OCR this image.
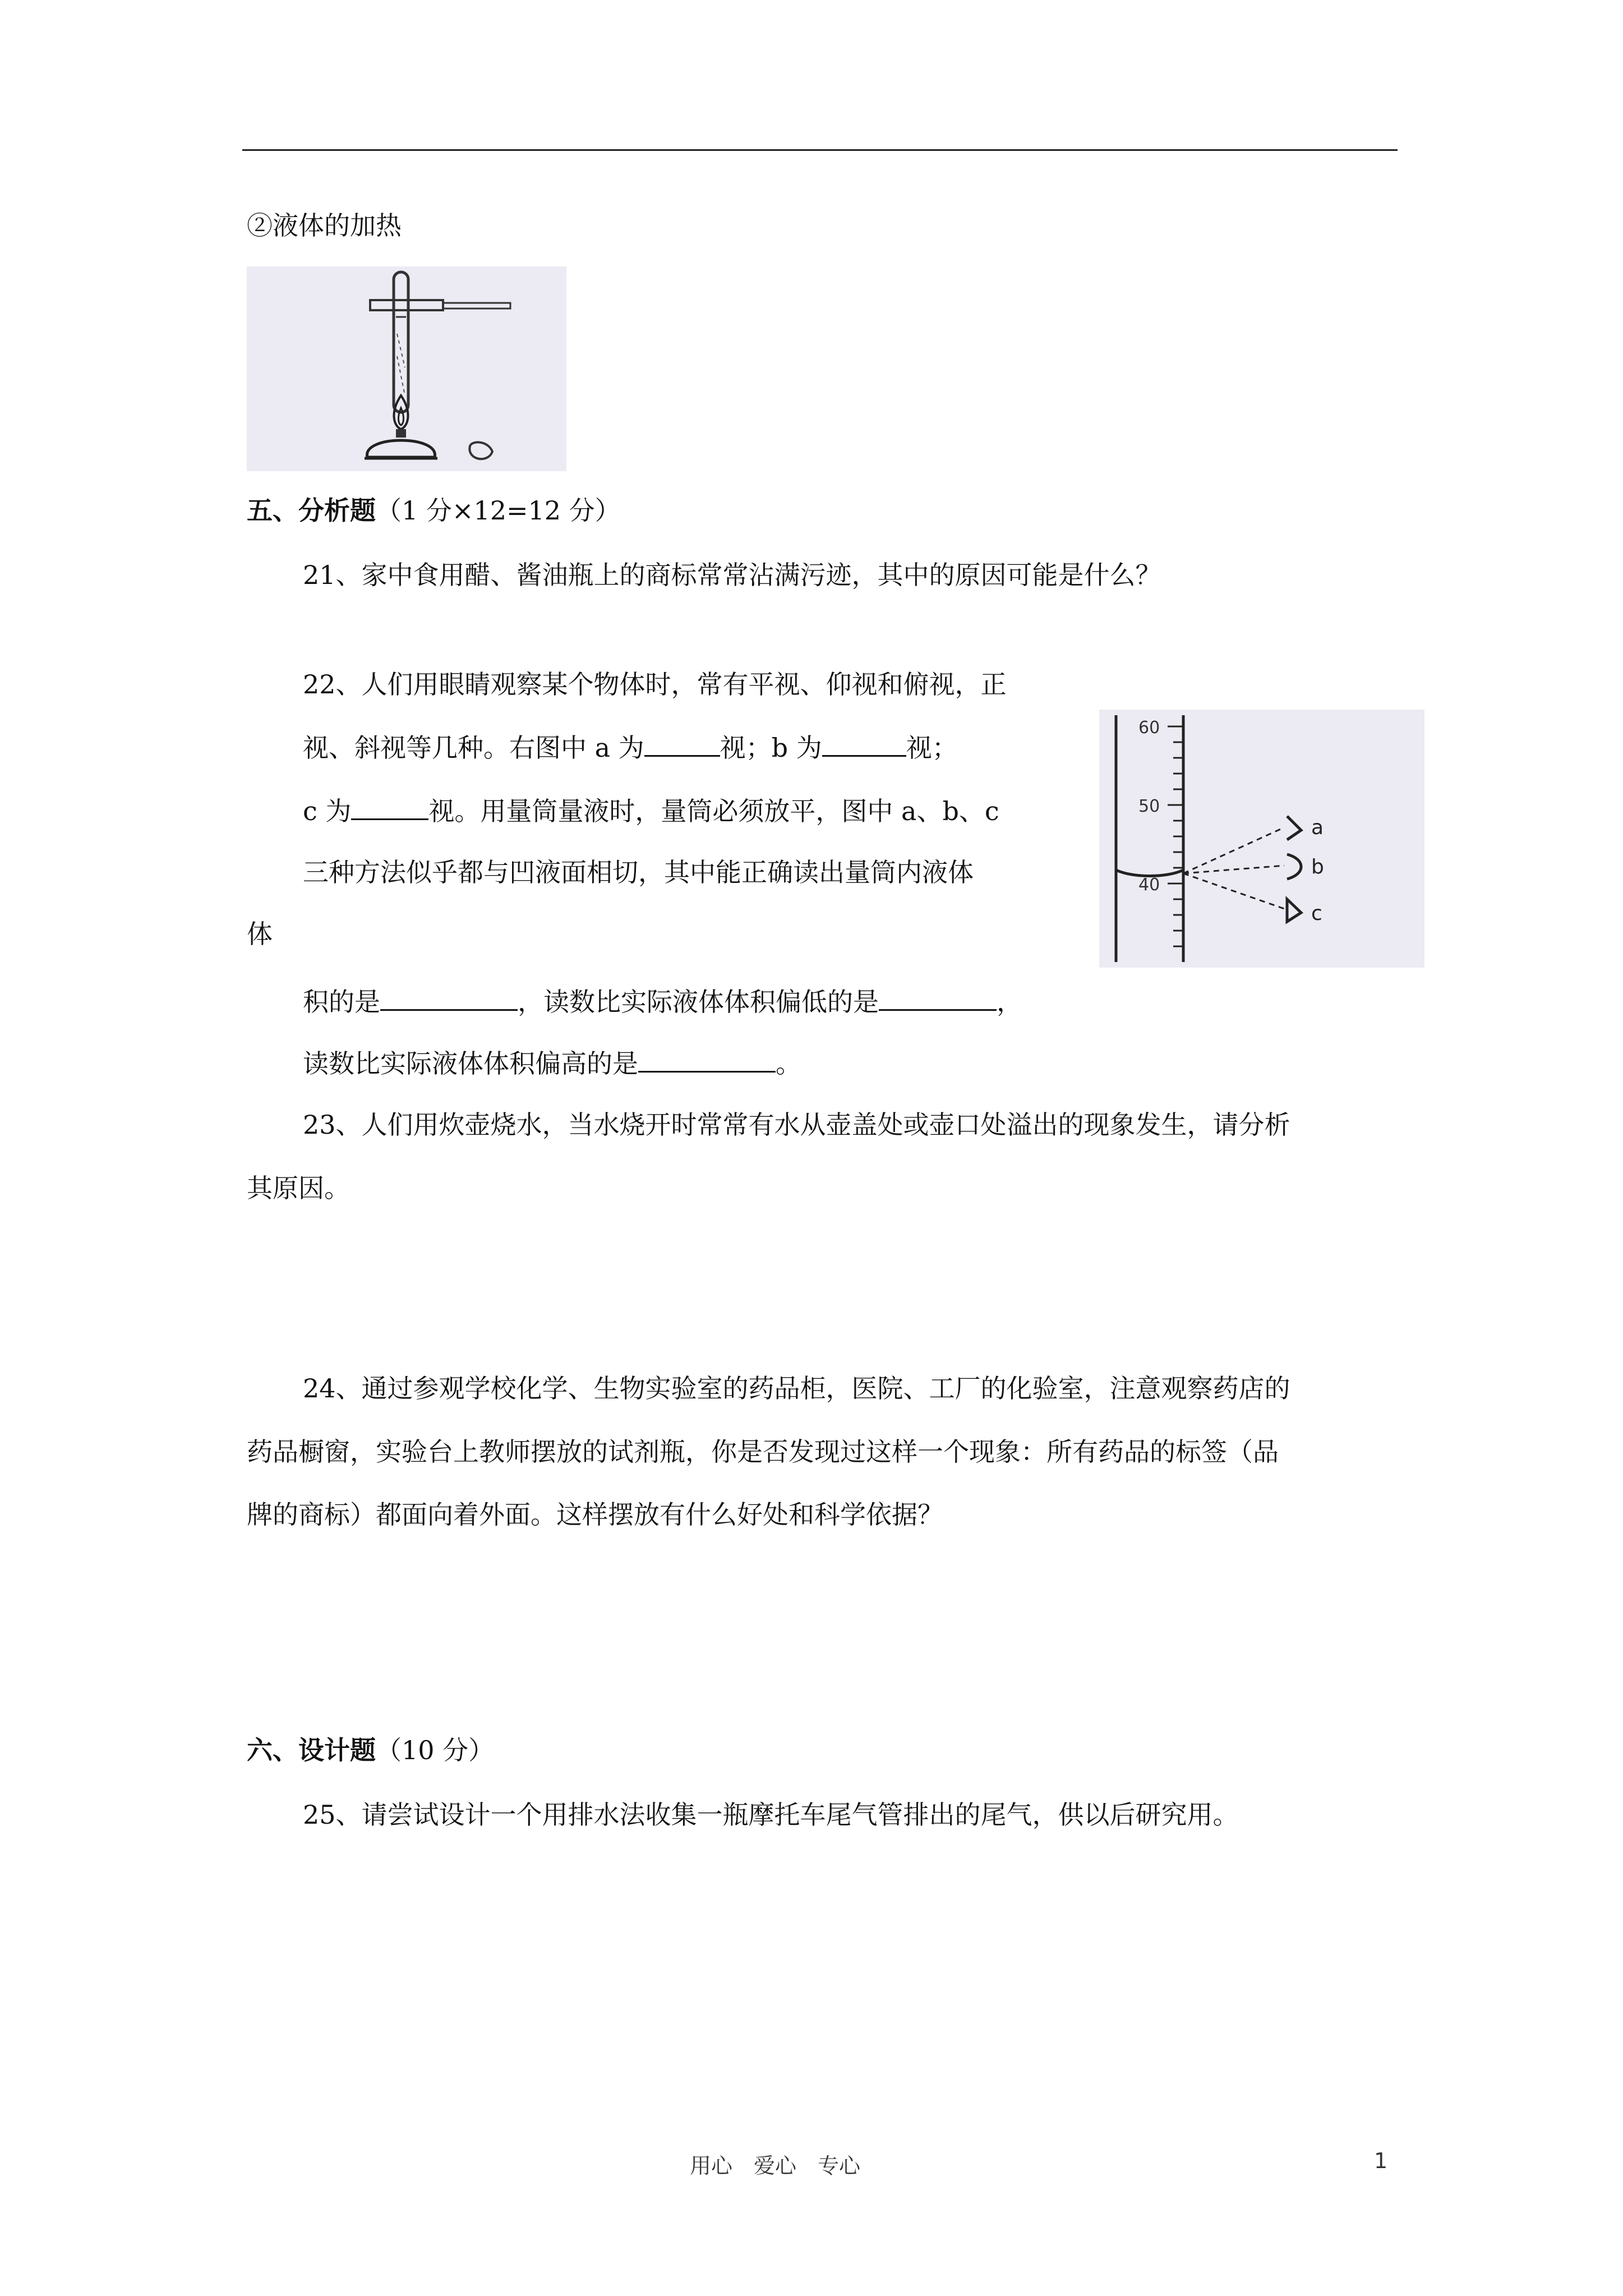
②液体的加热
五、分析题（1 分×12=12 分）
21、家中食用醋、酱油瓶上的商标常常沾满污迹，其中的原因可能是什么？
22、人们用眼睛观察某个物体时，常有平视、仰视和俯视，正
视、斜视等几种。右图中 a 为	视；b 为	视；
c 为	视。用量筒量液时，量筒必须放平，图中 a、b、c
三种方法似乎都与凹液面相切，其中能正确读出量筒内液体
体
积的是	，读数比实际液体体积偏低的是	，
读数比实际液体体积偏高的是	。
60
50
40
a
b
c
23、人们用炊壶烧水，当水烧开时常常有水从壶盖处或壶口处溢出的现象发生，请分析
其原因。
24、通过参观学校化学、生物实验室的药品柜，医院、工厂的化验室，注意观察药店的
药品橱窗，实验台上教师摆放的试剂瓶，你是否发现过这样一个现象：所有药品的标签（品
牌的商标）都面向着外面。这样摆放有什么好处和科学依据？
六、设计题（10 分）
25、请尝试设计一个用排水法收集一瓶摩托车尾气管排出的尾气，供以后研究用。
用心　爱心　专心	1
